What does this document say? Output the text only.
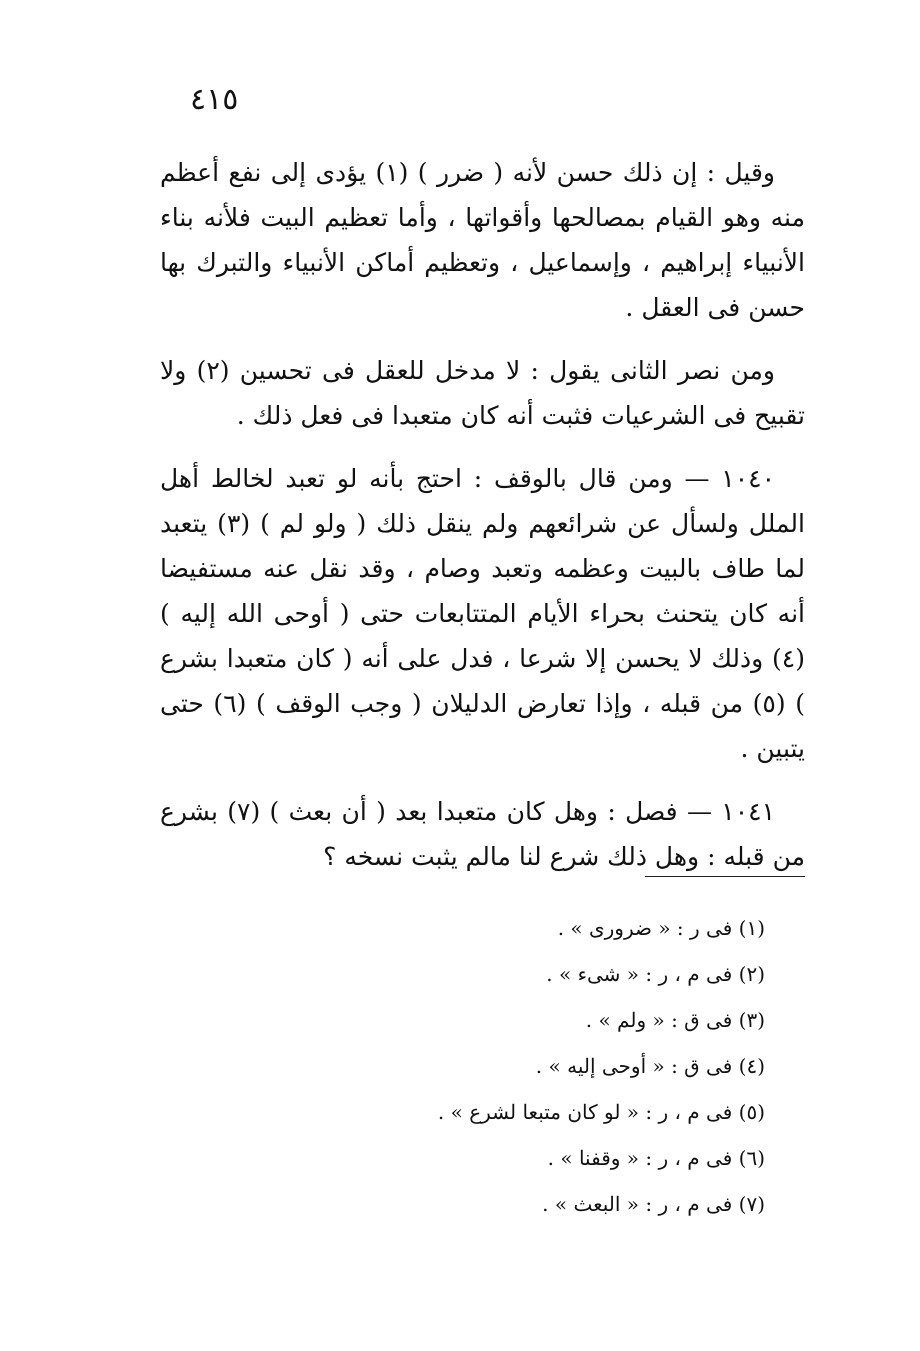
٤١٥

وقيل : إن ذلك حسن لأنه ( ضرر ) (١) يؤدى إلى نفع أعظم منه وهو القيام بمصالحها وأقواتها ، وأما تعظيم البيت فلأنه بناء الأنبياء إبراهيم ، وإسماعيل ، وتعظيم أماكن الأنبياء والتبرك بها حسن فى العقل .

ومن نصر الثانى يقول : لا مدخل للعقل فى تحسين (٢) ولا تقبيح فى الشرعيات فثبت أنه كان متعبدا فى فعل ذلك .

١٠٤٠ — ومن قال بالوقف : احتج بأنه لو تعبد لخالط أهل الملل ولسأل عن شرائعهم ولم ينقل ذلك ( ولو لم ) (٣) يتعبد لما طاف بالبيت وعظمه وتعبد وصام ، وقد نقل عنه مستفيضا أنه كان يتحنث بحراء الأيام المتتابعات حتى ( أوحى الله إليه ) (٤) وذلك لا يحسن إلا شرعا ، فدل على أنه ( كان متعبدا بشرع ) (٥) من قبله ، وإذا تعارض الدليلان ( وجب الوقف ) (٦) حتى يتبين .

١٠٤١ — فصل : وهل كان متعبدا بعد ( أن بعث ) (٧) بشرع من قبله : وهل ذلك شرع لنا مالم يثبت نسخه ؟

(١) فى ر : « ضرورى » .
(٢) فى م ، ر : « شىء » .
(٣) فى ق : « ولم » .
(٤) فى ق : « أوحى إليه » .
(٥) فى م ، ر : « لو كان متبعا لشرع » .
(٦) فى م ، ر : « وقفنا » .
(٧) فى م ، ر : « البعث » .
